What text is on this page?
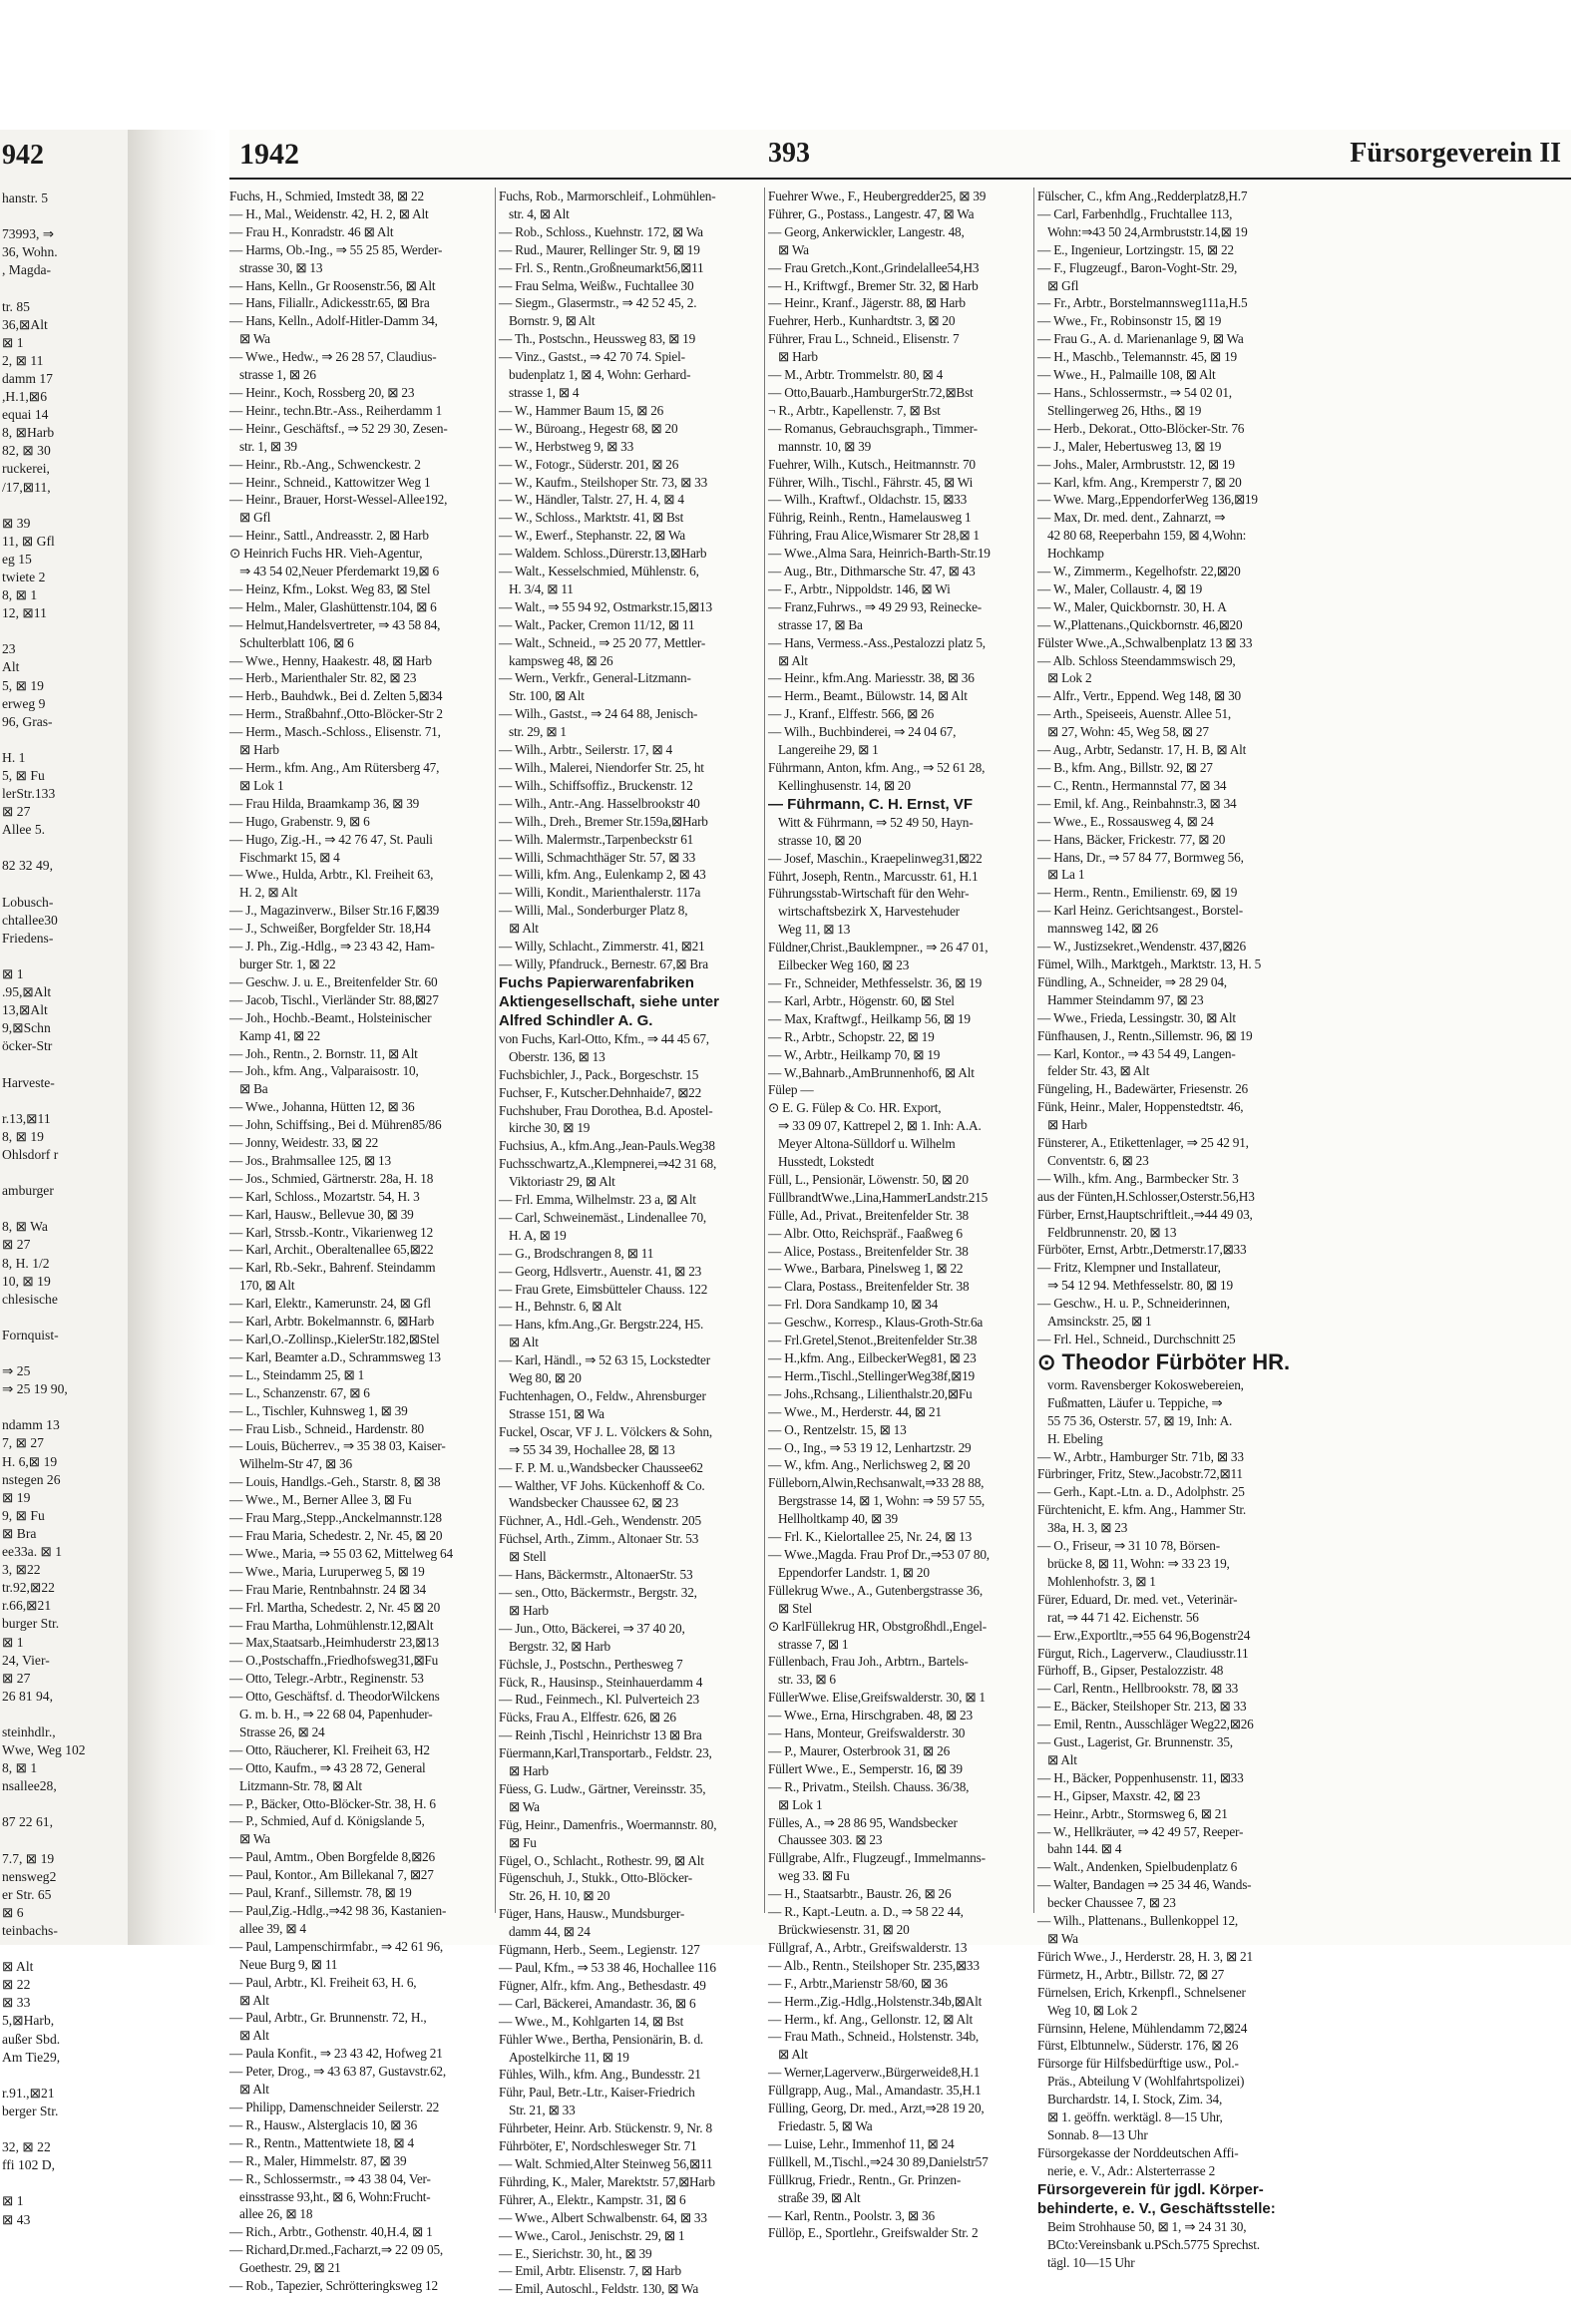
942
hanstr. 5

73993, ⇒
36, Wohn.
, Magda-

tr. 85
36,⊠Alt
⊠ 1
2, ⊠ 11
damm 17
,H.1,⊠6
equai 14
8, ⊠Harb
82, ⊠ 30
ruckerei,
/17,⊠11,

⊠ 39
11, ⊠ Gfl
eg 15
twiete 2
8, ⊠ 1
12, ⊠11

23
Alt
5, ⊠ 19
erweg 9
96, Gras-

H. 1
5, ⊠ Fu
lerStr.133
⊠ 27
Allee 5.

82 32 49,

Lobusch-
chtallee30
Friedens-

⊠ 1
.95,⊠Alt
13,⊠Alt
9,⊠Schn
öcker-Str

Harveste-

r.13,⊠11
8, ⊠ 19
Ohlsdorf r

amburger

8, ⊠ Wa
⊠ 27
8, H. 1/2
10, ⊠ 19
chlesische

Fornquist-

⇒ 25
⇒ 25 19 90,

ndamm 13
7, ⊠ 27
H. 6,⊠ 19
nstegen 26
⊠ 19
9, ⊠ Fu
⊠ Bra
ee33a. ⊠ 1
3, ⊠22
tr.92,⊠22
r.66,⊠21
burger Str.
⊠ 1
24, Vier-
⊠ 27
26 81 94,

steinhdlr.,
Wwe, Weg 102
8, ⊠ 1
nsallee28,

87 22 61,

7.7, ⊠ 19
nensweg2
er Str. 65
⊠ 6
teinbachs-

⊠ Alt
⊠ 22
⊠ 33
5,⊠Harb,
außer Sbd.
Am Tie29,

r.91.,⊠21
berger Str.

32, ⊠ 22
ffi 102 D,

⊠ 1
⊠ 43
1942	393	Fürsorgeverein II
Fuchs, H., Schmied, Imstedt 38, ⊠ 22
— H., Mal., Weidenstr. 42, H. 2, ⊠ Alt
— Frau H., Konradstr. 46 ⊠ Alt
— Harms, Ob.-Ing., ⇒ 55 25 85, Werder-
strasse 30, ⊠ 13
— Hans, Kelln., Gr Roosenstr.56, ⊠ Alt
— Hans, Filiallr., Adickesstr.65, ⊠ Bra
— Hans, Kelln., Adolf-Hitler-Damm 34,
⊠ Wa
— Wwe., Hedw., ⇒ 26 28 57, Claudius-
strasse 1, ⊠ 26
— Heinr., Koch, Rossberg 20, ⊠ 23
— Heinr., techn.Btr.-Ass., Reiherdamm 1
— Heinr., Geschäftsf., ⇒ 52 29 30, Zesen-
str. 1, ⊠ 39
— Heinr., Rb.-Ang., Schwenckestr. 2
— Heinr., Schneid., Kattowitzer Weg 1
— Heinr., Brauer, Horst-Wessel-Allee192,
⊠ Gfl
— Heinr., Sattl., Andreasstr. 2, ⊠ Harb
⊙ Heinrich Fuchs HR. Vieh-Agentur,
⇒ 43 54 02,Neuer Pferdemarkt 19,⊠ 6
— Heinz, Kfm., Lokst. Weg 83, ⊠ Stel
— Helm., Maler, Glashüttenstr.104, ⊠ 6
— Helmut,Handelsvertreter, ⇒ 43 58 84,
Schulterblatt 106, ⊠ 6
— Wwe., Henny, Haakestr. 48, ⊠ Harb
— Herb., Marienthaler Str. 82, ⊠ 23
— Herb., Bauhdwk., Bei d. Zelten 5,⊠34
— Herm., Straßbahnf.,Otto-Blöcker-Str 2
— Herm., Masch.-Schloss., Elisenstr. 71,
⊠ Harb
— Herm., kfm. Ang., Am Rütersberg 47,
⊠ Lok 1
— Frau Hilda, Braamkamp 36, ⊠ 39
— Hugo, Grabenstr. 9, ⊠ 6
— Hugo, Zig.-H., ⇒ 42 76 47, St. Pauli
Fischmarkt 15, ⊠ 4
— Wwe., Hulda, Arbtr., Kl. Freiheit 63,
H. 2, ⊠ Alt
— J., Magazinverw., Bilser Str.16 F,⊠39
— J., Schweißer, Borgfelder Str. 18,H4
— J. Ph., Zig.-Hdlg., ⇒ 23 43 42, Ham-
burger Str. 1, ⊠ 22
— Geschw. J. u. E., Breitenfelder Str. 60
— Jacob, Tischl., Vierländer Str. 88,⊠27
— Joh., Hochb.-Beamt., Holsteinischer
Kamp 41, ⊠ 22
— Joh., Rentn., 2. Bornstr. 11, ⊠ Alt
— Joh., kfm. Ang., Valparaisostr. 10,
⊠ Ba
— Wwe., Johanna, Hütten 12, ⊠ 36
— John, Schiffsing., Bei d. Mühren85/86
— Jonny, Weidestr. 33, ⊠ 22
— Jos., Brahmsallee 125, ⊠ 13
— Jos., Schmied, Gärtnerstr. 28a, H. 18
— Karl, Schloss., Mozartstr. 54, H. 3
— Karl, Hausw., Bellevue 30, ⊠ 39
— Karl, Strssb.-Kontr., Vikarienweg 12
— Karl, Archit., Oberaltenallee 65,⊠22
— Karl, Rb.-Sekr., Bahrenf. Steindamm
170, ⊠ Alt
— Karl, Elektr., Kamerunstr. 24, ⊠ Gfl
— Karl, Arbtr. Bokelmannstr. 6, ⊠Harb
— Karl,O.-Zollinsp.,KielerStr.182,⊠Stel
— Karl, Beamter a.D., Schrammsweg 13
— L., Steindamm 25, ⊠ 1
— L., Schanzenstr. 67, ⊠ 6
— L., Tischler, Kuhnsweg 1, ⊠ 39
— Frau Lisb., Schneid., Hardenstr. 80
— Louis, Bücherrev., ⇒ 35 38 03, Kaiser-
Wilhelm-Str 47, ⊠ 36
— Louis, Handlgs.-Geh., Starstr. 8, ⊠ 38
— Wwe., M., Berner Allee 3, ⊠ Fu
— Frau Marg.,Stepp.,Anckelmannstr.128
— Frau Maria, Schedestr. 2, Nr. 45, ⊠ 20
— Wwe., Maria, ⇒ 55 03 62, Mittelweg 64
— Wwe., Maria, Luruperweg 5, ⊠ 19
— Frau Marie, Rentnbahnstr. 24 ⊠ 34
— Frl. Martha, Schedestr. 2, Nr. 45 ⊠ 20
— Frau Martha, Lohmühlenstr.12,⊠Alt
— Max,Staatsarb.,Heimhuderstr 23,⊠13
— O.,Postschaffn.,Friedhofsweg31,⊠Fu
— Otto, Telegr.-Arbtr., Reginenstr. 53
— Otto, Geschäftsf. d. TheodorWilckens
G. m. b. H., ⇒ 22 68 04, Papenhuder-
Strasse 26, ⊠ 24
— Otto, Räucherer, Kl. Freiheit 63, H2
— Otto, Kaufm., ⇒ 43 28 72, General
Litzmann-Str. 78, ⊠ Alt
— P., Bäcker, Otto-Blöcker-Str. 38, H. 6
— P., Schmied, Auf d. Königslande 5,
⊠ Wa
— Paul, Amtm., Oben Borgfelde 8,⊠26
— Paul, Kontor., Am Billekanal 7, ⊠27
— Paul, Kranf., Sillemstr. 78, ⊠ 19
— Paul,Zig.-Hdlg.,⇒42 98 36, Kastanien-
allee 39, ⊠ 4
— Paul, Lampenschirmfabr., ⇒ 42 61 96,
Neue Burg 9, ⊠ 11
— Paul, Arbtr., Kl. Freiheit 63, H. 6,
⊠ Alt
— Paul, Arbtr., Gr. Brunnenstr. 72, H.,
⊠ Alt
— Paula Konfit., ⇒ 23 43 42, Hofweg 21
— Peter, Drog., ⇒ 43 63 87, Gustavstr.62,
⊠ Alt
— Philipp, Damenschneider Seilerstr. 22
— R., Hausw., Alsterglacis 10, ⊠ 36
— R., Rentn., Mattentwiete 18, ⊠ 4
— R., Maler, Himmelstr. 87, ⊠ 39
— R., Schlossermstr., ⇒ 43 38 04, Ver-
einsstrasse 93,ht., ⊠ 6, Wohn:Frucht-
allee 26, ⊠ 18
— Rich., Arbtr., Gothenstr. 40,H.4, ⊠ 1
— Richard,Dr.med.,Facharzt,⇒ 22 09 05,
Goethestr. 29, ⊠ 21
— Rob., Tapezier, Schrötteringksweg 12
Fuchs, Rob., Marmorschleif., Lohmühlen-
str. 4, ⊠ Alt
— Rob., Schloss., Kuehnstr. 172, ⊠ Wa
— Rud., Maurer, Rellinger Str. 9, ⊠ 19
— Frl. S., Rentn.,Großneumarkt56,⊠11
— Frau Selma, Weißw., Fuchtallee 30
— Siegm., Glasermstr., ⇒ 42 52 45, 2.
Bornstr. 9, ⊠ Alt
— Th., Postschn., Heussweg 83, ⊠ 19
— Vinz., Gastst., ⇒ 42 70 74. Spiel-
budenplatz 1, ⊠ 4, Wohn: Gerhard-
strasse 1, ⊠ 4
— W., Hammer Baum 15, ⊠ 26
— W., Büroang., Hegestr 68, ⊠ 20
— W., Herbstweg 9, ⊠ 33
— W., Fotogr., Süderstr. 201, ⊠ 26
— W., Kaufm., Steilshoper Str. 73, ⊠ 33
— W., Händler, Talstr. 27, H. 4, ⊠ 4
— W., Schloss., Marktstr. 41, ⊠ Bst
— W., Ewerf., Stephanstr. 22, ⊠ Wa
— Waldem. Schloss.,Dürerstr.13,⊠Harb
— Walt., Kesselschmied, Mühlenstr. 6,
H. 3/4, ⊠ 11
— Walt., ⇒ 55 94 92, Ostmarkstr.15,⊠13
— Walt., Packer, Cremon 11/12, ⊠ 11
— Walt., Schneid., ⇒ 25 20 77, Mettler-
kampsweg 48, ⊠ 26
— Wern., Verkfr., General-Litzmann-
Str. 100, ⊠ Alt
— Wilh., Gastst., ⇒ 24 64 88, Jenisch-
str. 29, ⊠ 1
— Wilh., Arbtr., Seilerstr. 17, ⊠ 4
— Wilh., Malerei, Niendorfer Str. 25, ht
— Wilh., Schiffsoffiz., Bruckenstr. 12
— Wilh., Antr.-Ang. Hasselbrookstr 40
— Wilh., Dreh., Bremer Str.159a,⊠Harb
— Wilh. Malermstr.,Tarpenbeckstr 61
— Willi, Schmachthäger Str. 57, ⊠ 33
— Willi, kfm. Ang., Eulenkamp 2, ⊠ 43
— Willi, Kondit., Marienthalerstr. 117a
— Willi, Mal., Sonderburger Platz 8,
⊠ Alt
— Willy, Schlacht., Zimmerstr. 41, ⊠21
— Willy, Pfandruck., Bernestr. 67,⊠ Bra
Fuchs Papierwarenfabriken
Aktiengesellschaft, siehe unter
Alfred Schindler A. G.
von Fuchs, Karl-Otto, Kfm., ⇒ 44 45 67,
Oberstr. 136, ⊠ 13
Fuchsbichler, J., Pack., Borgeschstr. 15
Fuchser, F., Kutscher.Dehnhaide7, ⊠22
Fuchshuber, Frau Dorothea, B.d. Apostel-
kirche 30, ⊠ 19
Fuchsius, A., kfm.Ang.,Jean-Pauls.Weg38
Fuchsschwartz,A.,Klempnerei,⇒42 31 68,
Viktoriastr 29, ⊠ Alt
— Frl. Emma, Wilhelmstr. 23 a, ⊠ Alt
— Carl, Schweinemäst., Lindenallee 70,
H. A, ⊠ 19
— G., Brodschrangen 8, ⊠ 11
— Georg, Hdlsvertr., Auenstr. 41, ⊠ 23
— Frau Grete, Eimsbütteler Chauss. 122
— H., Behnstr. 6, ⊠ Alt
— Hans, kfm.Ang.,Gr. Bergstr.224, H5.
⊠ Alt
— Karl, Händl., ⇒ 52 63 15, Lockstedter
Weg 80, ⊠ 20
Fuchtenhagen, O., Feldw., Ahrensburger
Strasse 151, ⊠ Wa
Fuckel, Oscar, VF J. L. Völckers & Sohn,
⇒ 55 34 39, Hochallee 28, ⊠ 13
— F. P. M. u.,Wandsbecker Chaussee62
— Walther, VF Johs. Kückenhoff & Co.
Wandsbecker Chaussee 62, ⊠ 23
Füchner, A., Hdl.-Geh., Wendenstr. 205
Füchsel, Arth., Zimm., Altonaer Str. 53
⊠ Stell
— Hans, Bäckermstr., AltonaerStr. 53
— sen., Otto, Bäckermstr., Bergstr. 32,
⊠ Harb
— Jun., Otto, Bäckerei, ⇒ 37 40 20,
Bergstr. 32, ⊠ Harb
Füchsle, J., Postschn., Perthesweg 7
Fück, R., Hausinsp., Steinhauerdamm 4
— Rud., Feinmech., Kl. Pulverteich 23
Fücks, Frau A., Elffestr. 626, ⊠ 26
— Reinh ,Tischl , Heinrichstr 13 ⊠ Bra
Füermann,Karl,Transportarb., Feldstr. 23,
⊠ Harb
Füess, G. Ludw., Gärtner, Vereinsstr. 35,
⊠ Wa
Füg, Heinr., Damenfris., Woermannstr. 80,
⊠ Fu
Fügel, O., Schlacht., Rothestr. 99, ⊠ Alt
Fügenschuh, J., Stukk., Otto-Blöcker-
Str. 26, H. 10, ⊠ 20
Füger, Hans, Hausw., Mundsburger-
damm 44, ⊠ 24
Fügmann, Herb., Seem., Legienstr. 127
— Paul, Kfm., ⇒ 53 38 46, Hochallee 116
Fügner, Alfr., kfm. Ang., Bethesdastr. 49
— Carl, Bäckerei, Amandastr. 36, ⊠ 6
— Wwe., M., Kohlgarten 14, ⊠ Bst
Fühler Wwe., Bertha, Pensionärin, B. d.
Apostelkirche 11, ⊠ 19
Fühles, Wilh., kfm. Ang., Bundesstr. 21
Führ, Paul, Betr.-Ltr., Kaiser-Friedrich
Str. 21, ⊠ 33
Führbeter, Heinr. Arb. Stückenstr. 9, Nr. 8
Führböter, E', Nordschlesweger Str. 71
— Walt. Schmied,Alter Steinweg 56,⊠11
Führding, K., Maler, Marektstr. 57,⊠Harb
Führer, A., Elektr., Kampstr. 31, ⊠ 6
— Wwe., Albert Schwalbenstr. 64, ⊠ 33
— Wwe., Carol., Jenischstr. 29, ⊠ 1
— E., Sierichstr. 30, ht., ⊠ 39
— Emil, Arbtr. Elisenstr. 7, ⊠ Harb
— Emil, Autoschl., Feldstr. 130, ⊠ Wa
Fuehrer Wwe., F., Heubergredder25, ⊠ 39
Führer, G., Postass., Langestr. 47, ⊠ Wa
— Georg, Ankerwickler, Langestr. 48,
⊠ Wa
— Frau Gretch.,Kont.,Grindelallee54,H3
— H., Kriftwgf., Bremer Str. 32, ⊠ Harb
— Heinr., Kranf., Jägerstr. 88, ⊠ Harb
Fuehrer, Herb., Kunhardtstr. 3, ⊠ 20
Führer, Frau L., Schneid., Elisenstr. 7
⊠ Harb
— M., Arbtr. Trommelstr. 80, ⊠ 4
— Otto,Bauarb.,HamburgerStr.72,⊠Bst
¬ R., Arbtr., Kapellenstr. 7, ⊠ Bst
— Romanus, Gebrauchsgraph., Timmer-
mannstr. 10, ⊠ 39
Fuehrer, Wilh., Kutsch., Heitmannstr. 70
Führer, Wilh., Tischl., Fährstr. 45, ⊠ Wi
— Wilh., Kraftwf., Oldachstr. 15, ⊠33
Führig, Reinh., Rentn., Hamelausweg 1
Führing, Frau Alice,Wismarer Str 28,⊠ 1
— Wwe.,Alma Sara, Heinrich-Barth-Str.19
— Aug., Btr., Dithmarsche Str. 47, ⊠ 43
— F., Arbtr., Nippoldstr. 146, ⊠ Wi
— Franz,Fuhrws., ⇒ 49 29 93, Reinecke-
strasse 17, ⊠ Ba
— Hans, Vermess.-Ass.,Pestalozzi platz 5,
⊠ Alt
— Heinr., kfm.Ang. Mariesstr. 38, ⊠ 36
— Herm., Beamt., Bülowstr. 14, ⊠ Alt
— J., Kranf., Elffestr. 566, ⊠ 26
— Wilh., Buchbinderei, ⇒ 24 04 67,
Langereihe 29, ⊠ 1
Führmann, Anton, kfm. Ang., ⇒ 52 61 28,
Kellinghusenstr. 14, ⊠ 20
— Führmann, C. H. Ernst, VF
Witt & Führmann, ⇒ 52 49 50, Hayn-
strasse 10, ⊠ 20
— Josef, Maschin., Kraepelinweg31,⊠22
Führt, Joseph, Rentn., Marcusstr. 61, H.1
Führungsstab-Wirtschaft für den Wehr-
wirtschaftsbezirk X, Harvestehuder
Weg 11, ⊠ 13
Füldner,Christ.,Bauklempner., ⇒ 26 47 01,
Eilbecker Weg 160, ⊠ 23
— Fr., Schneider, Methfesselstr. 36, ⊠ 19
— Karl, Arbtr., Högenstr. 60, ⊠ Stel
— Max, Kraftwgf., Heilkamp 56, ⊠ 19
— R., Arbtr., Schopstr. 22, ⊠ 19
— W., Arbtr., Heilkamp 70, ⊠ 19
— W.,Bahnarb.,AmBrunnenhof6, ⊠ Alt
Fülep —
⊙ E. G. Fülep & Co. HR. Export,
⇒ 33 09 07, Kattrepel 2, ⊠ 1. Inh: A.A.
Meyer Altona-Sülldorf u. Wilhelm
Husstedt, Lokstedt
Füll, L., Pensionär, Löwenstr. 50, ⊠ 20
FüllbrandtWwe.,Lina,HammerLandstr.215
Fülle, Ad., Privat., Breitenfelder Str. 38
— Albr. Otto, Reichspräf., Faaßweg 6
— Alice, Postass., Breitenfelder Str. 38
— Wwe., Barbara, Pinelsweg 1, ⊠ 22
— Clara, Postass., Breitenfelder Str. 38
— Frl. Dora Sandkamp 10, ⊠ 34
— Geschw., Korresp., Klaus-Groth-Str.6a
— Frl.Gretel,Stenot.,Breitenfelder Str.38
— H.,kfm. Ang., EilbeckerWeg81, ⊠ 23
— Herm.,Tischl.,StellingerWeg38f,⊠19
— Johs.,Rchsang., Lilienthalstr.20,⊠Fu
— Wwe., M., Herderstr. 44, ⊠ 21
— O., Rentzelstr. 15, ⊠ 13
— O., Ing., ⇒ 53 19 12, Lenhartzstr. 29
— W., kfm. Ang., Nerlichsweg 2, ⊠ 20
Fülleborn,Alwin,Rechsanwalt,⇒33 28 88,
Bergstrasse 14, ⊠ 1, Wohn: ⇒ 59 57 55,
Hellholtkamp 40, ⊠ 39
— Frl. K., Kielortallee 25, Nr. 24, ⊠ 13
— Wwe.,Magda. Frau Prof Dr.,⇒53 07 80,
Eppendorfer Landstr. 1, ⊠ 20
Füllekrug Wwe., A., Gutenbergstrasse 36,
⊠ Stel
⊙ KarlFüllekrug HR, Obstgroßhdl.,Engel-
strasse 7, ⊠ 1
Füllenbach, Frau Joh., Arbtrn., Bartels-
str. 33, ⊠ 6
FüllerWwe. Elise,Greifswalderstr. 30, ⊠ 1
— Wwe., Erna, Hirschgraben. 48, ⊠ 23
— Hans, Monteur, Greifswalderstr. 30
— P., Maurer, Osterbrook 31, ⊠ 26
Füllert Wwe., E., Semperstr. 16, ⊠ 39
— R., Privatm., Steilsh. Chauss. 36/38,
⊠ Lok 1
Fülles, A., ⇒ 28 86 95, Wandsbecker
Chaussee 303. ⊠ 23
Füllgrabe, Alfr., Flugzeugf., Immelmanns-
weg 33. ⊠ Fu
— H., Staatsarbtr., Baustr. 26, ⊠ 26
— R., Kapt.-Leutn. a. D., ⇒ 58 22 44,
Brückwiesenstr. 31, ⊠ 20
Füllgraf, A., Arbtr., Greifswalderstr. 13
— Alb., Rentn., Steilshoper Str. 235,⊠33
— F., Arbtr.,Marienstr 58/60, ⊠ 36
— Herm.,Zig.-Hdlg.,Holstenstr.34b,⊠Alt
— Herm., kf. Ang., Gellonstr. 12, ⊠ Alt
— Frau Math., Schneid., Holstenstr. 34b,
⊠ Alt
— Werner,Lagerverw.,Bürgerweide8,H.1
Füllgrapp, Aug., Mal., Amandastr. 35,H.1
Fülling, Georg, Dr. med., Arzt,⇒28 19 20,
Friedastr. 5, ⊠ Wa
— Luise, Lehr., Immenhof 11, ⊠ 24
Füllkell, M.,Tischl.,⇒24 30 89,Danielstr57
Füllkrug, Friedr., Rentn., Gr. Prinzen-
straße 39, ⊠ Alt
— Karl, Rentn., Poolstr. 3, ⊠ 36
Füllöp, E., Sportlehr., Greifswalder Str. 2
Fülscher, C., kfm Ang.,Redderplatz8,H.7
— Carl, Farbenhdlg., Fruchtallee 113,
Wohn:⇒43 50 24,Armbruststr.14,⊠ 19
— E., Ingenieur, Lortzingstr. 15, ⊠ 22
— F., Flugzeugf., Baron-Voght-Str. 29,
⊠ Gfl
— Fr., Arbtr., Borstelmannsweg111a,H.5
— Wwe., Fr., Robinsonstr 15, ⊠ 19
— Frau G., A. d. Marienanlage 9, ⊠ Wa
— H., Maschb., Telemannstr. 45, ⊠ 19
— Wwe., H., Palmaille 108, ⊠ Alt
— Hans., Schlossermstr., ⇒ 54 02 01,
Stellingerweg 26, Hths., ⊠ 19
— Herb., Dekorat., Otto-Blöcker-Str. 76
— J., Maler, Hebertusweg 13, ⊠ 19
— Johs., Maler, Armbruststr. 12, ⊠ 19
— Karl, kfm. Ang., Kremperstr 7, ⊠ 20
— Wwe. Marg.,EppendorferWeg 136,⊠19
— Max, Dr. med. dent., Zahnarzt, ⇒
42 80 68, Reeperbahn 159, ⊠ 4,Wohn:
Hochkamp
— W., Zimmerm., Kegelhofstr. 22,⊠20
— W., Maler, Collaustr. 4, ⊠ 19
— W., Maler, Quickbornstr. 30, H. A
— W.,Plattenans.,Quickbornstr. 46,⊠20
Fülster Wwe.,A.,Schwalbenplatz 13 ⊠ 33
— Alb. Schloss Steendammswisch 29,
⊠ Lok 2
— Alfr., Vertr., Eppend. Weg 148, ⊠ 30
— Arth., Speiseeis, Auenstr. Allee 51,
⊠ 27, Wohn: 45, Weg 58, ⊠ 27
— Aug., Arbtr, Sedanstr. 17, H. B, ⊠ Alt
— B., kfm. Ang., Billstr. 92, ⊠ 27
— C., Rentn., Hermannstal 77, ⊠ 34
— Emil, kf. Ang., Reinbahnstr.3, ⊠ 34
— Wwe., E., Rossausweg 4, ⊠ 24
— Hans, Bäcker, Frickestr. 77, ⊠ 20
— Hans, Dr., ⇒ 57 84 77, Bormweg 56,
⊠ La 1
— Herm., Rentn., Emilienstr. 69, ⊠ 19
— Karl Heinz. Gerichtsangest., Borstel-
mannsweg 142, ⊠ 26
— W., Justizsekret.,Wendenstr. 437,⊠26
Fümel, Wilh., Marktgeh., Marktstr. 13, H. 5
Fündling, A., Schneider, ⇒ 28 29 04,
Hammer Steindamm 97, ⊠ 23
— Wwe., Frieda, Lessingstr. 30, ⊠ Alt
Fünfhausen, J., Rentn.,Sillemstr. 96, ⊠ 19
— Karl, Kontor., ⇒ 43 54 49, Langen-
felder Str. 43, ⊠ Alt
Füngeling, H., Badewärter, Friesenstr. 26
Fünk, Heinr., Maler, Hoppenstedtstr. 46,
⊠ Harb
Fünsterer, A., Etikettenlager, ⇒ 25 42 91,
Conventstr. 6, ⊠ 23
— Wilh., kfm. Ang., Barmbecker Str. 3
aus der Fünten,H.Schlosser,Osterstr.56,H3
Fürber, Ernst,Hauptschriftleit.,⇒44 49 03,
Feldbrunnenstr. 20, ⊠ 13
Fürböter, Ernst, Arbtr.,Detmerstr.17,⊠33
— Fritz, Klempner und Installateur,
⇒ 54 12 94. Methfesselstr. 80, ⊠ 19
— Geschw., H. u. P., Schneiderinnen,
Amsinckstr. 25, ⊠ 1
— Frl. Hel., Schneid., Durchschnitt 25
⊙ Theodor Fürböter HR.
vorm. Ravensberger Kokoswebereien,
Fußmatten, Läufer u. Teppiche, ⇒
55 75 36, Osterstr. 57, ⊠ 19, Inh: A.
H. Ebeling
— W., Arbtr., Hamburger Str. 71b, ⊠ 33
Fürbringer, Fritz, Stew.,Jacobstr.72,⊠11
— Gerh., Kapt.-Ltn. a. D., Adolphstr. 25
Fürchtenicht, E. kfm. Ang., Hammer Str.
38a, H. 3, ⊠ 23
— O., Friseur, ⇒ 31 10 78, Börsen-
brücke 8, ⊠ 11, Wohn: ⇒ 33 23 19,
Mohlenhofstr. 3, ⊠ 1
Fürer, Eduard, Dr. med. vet., Veterinär-
rat, ⇒ 44 71 42. Eichenstr. 56
— Erw.,Exportltr.,⇒55 64 96,Bogenstr24
Fürgut, Rich., Lagerverw., Claudiusstr.11
Fürhoff, B., Gipser, Pestalozzistr. 48
— Carl, Rentn., Hellbrookstr. 78, ⊠ 33
— E., Bäcker, Steilshoper Str. 213, ⊠ 33
— Emil, Rentn., Ausschläger Weg22,⊠26
— Gust., Lagerist, Gr. Brunnenstr. 35,
⊠ Alt
— H., Bäcker, Poppenhusenstr. 11, ⊠33
— H., Gipser, Maxstr. 42, ⊠ 23
— Heinr., Arbtr., Stormsweg 6, ⊠ 21
— W., Hellkräuter, ⇒ 42 49 57, Reeper-
bahn 144. ⊠ 4
— Walt., Andenken, Spielbudenplatz 6
— Walter, Bandagen ⇒ 25 34 46, Wands-
becker Chaussee 7, ⊠ 23
— Wilh., Plattenans., Bullenkoppel 12,
⊠ Wa
Fürich Wwe., J., Herderstr. 28, H. 3, ⊠ 21
Fürmetz, H., Arbtr., Billstr. 72, ⊠ 27
Fürnelsen, Erich, Krkenpfl., Schnelsener
Weg 10, ⊠ Lok 2
Fürnsinn, Helene, Mühlendamm 72,⊠24
Fürst, Elbtunnelw., Süderstr. 176, ⊠ 26
Fürsorge für Hilfsbedürftige usw., Pol.-
Präs., Abteilung V (Wohlfahrtspolizei)
Burchardstr. 14, I. Stock, Zim. 34,
⊠ 1. geöffn. werktägl. 8—15 Uhr,
Sonnab. 8—13 Uhr
Fürsorgekasse der Norddeutschen Affi-
nerie, e. V., Adr.: Alsterterrasse 2
Fürsorgeverein für jgdl. Körper-
behinderte, e. V., Geschäftsstelle:
Beim Strohhause 50, ⊠ 1, ⇒ 24 31 30,
BCto:Vereinsbank u.PSch.5775 Sprechst.
tägl. 10—15 Uhr
